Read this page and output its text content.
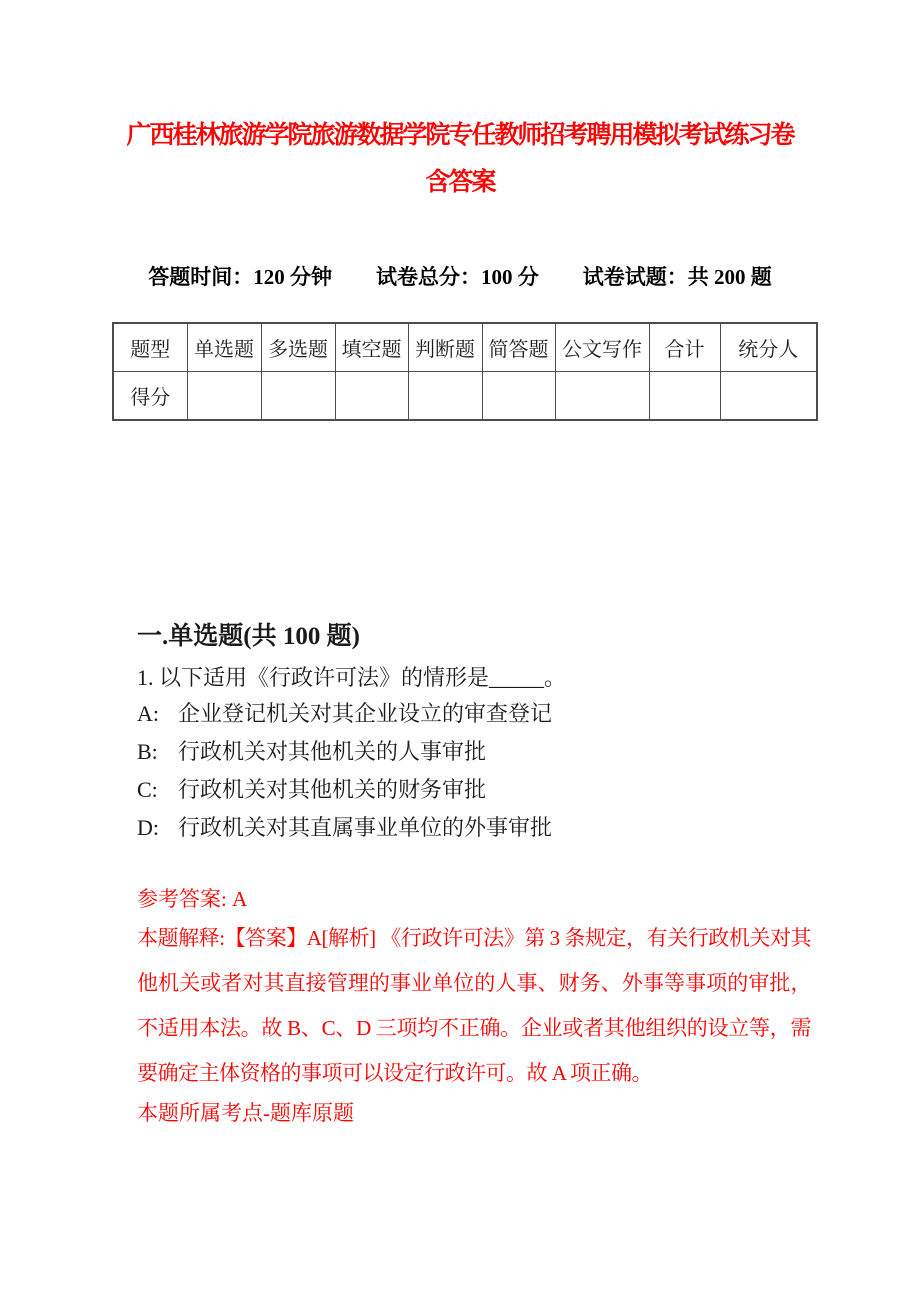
广西桂林旅游学院旅游数据学院专任教师招考聘用模拟考试练习卷
含答案
答题时间：120 分钟 试卷总分：100 分 试卷试题：共 200 题
题型	单选题	多选题	填空题	判断题	简答题	公文写作	合计	统分人
得分								
一.单选题(共 100 题)
1. 以下适用《行政许可法》的情形是_____。
A: 企业登记机关对其企业设立的审查登记
B: 行政机关对其他机关的人事审批
C: 行政机关对其他机关的财务审批
D: 行政机关对其直属事业单位的外事审批
参考答案: A
本题解释:【答案】A[解析] 《行政许可法》第 3 条规定，有关行政机关对其他机关或者对其直接管理的事业单位的人事、财务、外事等事项的审批，不适用本法。故 B、C、D 三项均不正确。企业或者其他组织的设立等，需要确定主体资格的事项可以设定行政许可。故 A 项正确。
本题所属考点-题库原题
